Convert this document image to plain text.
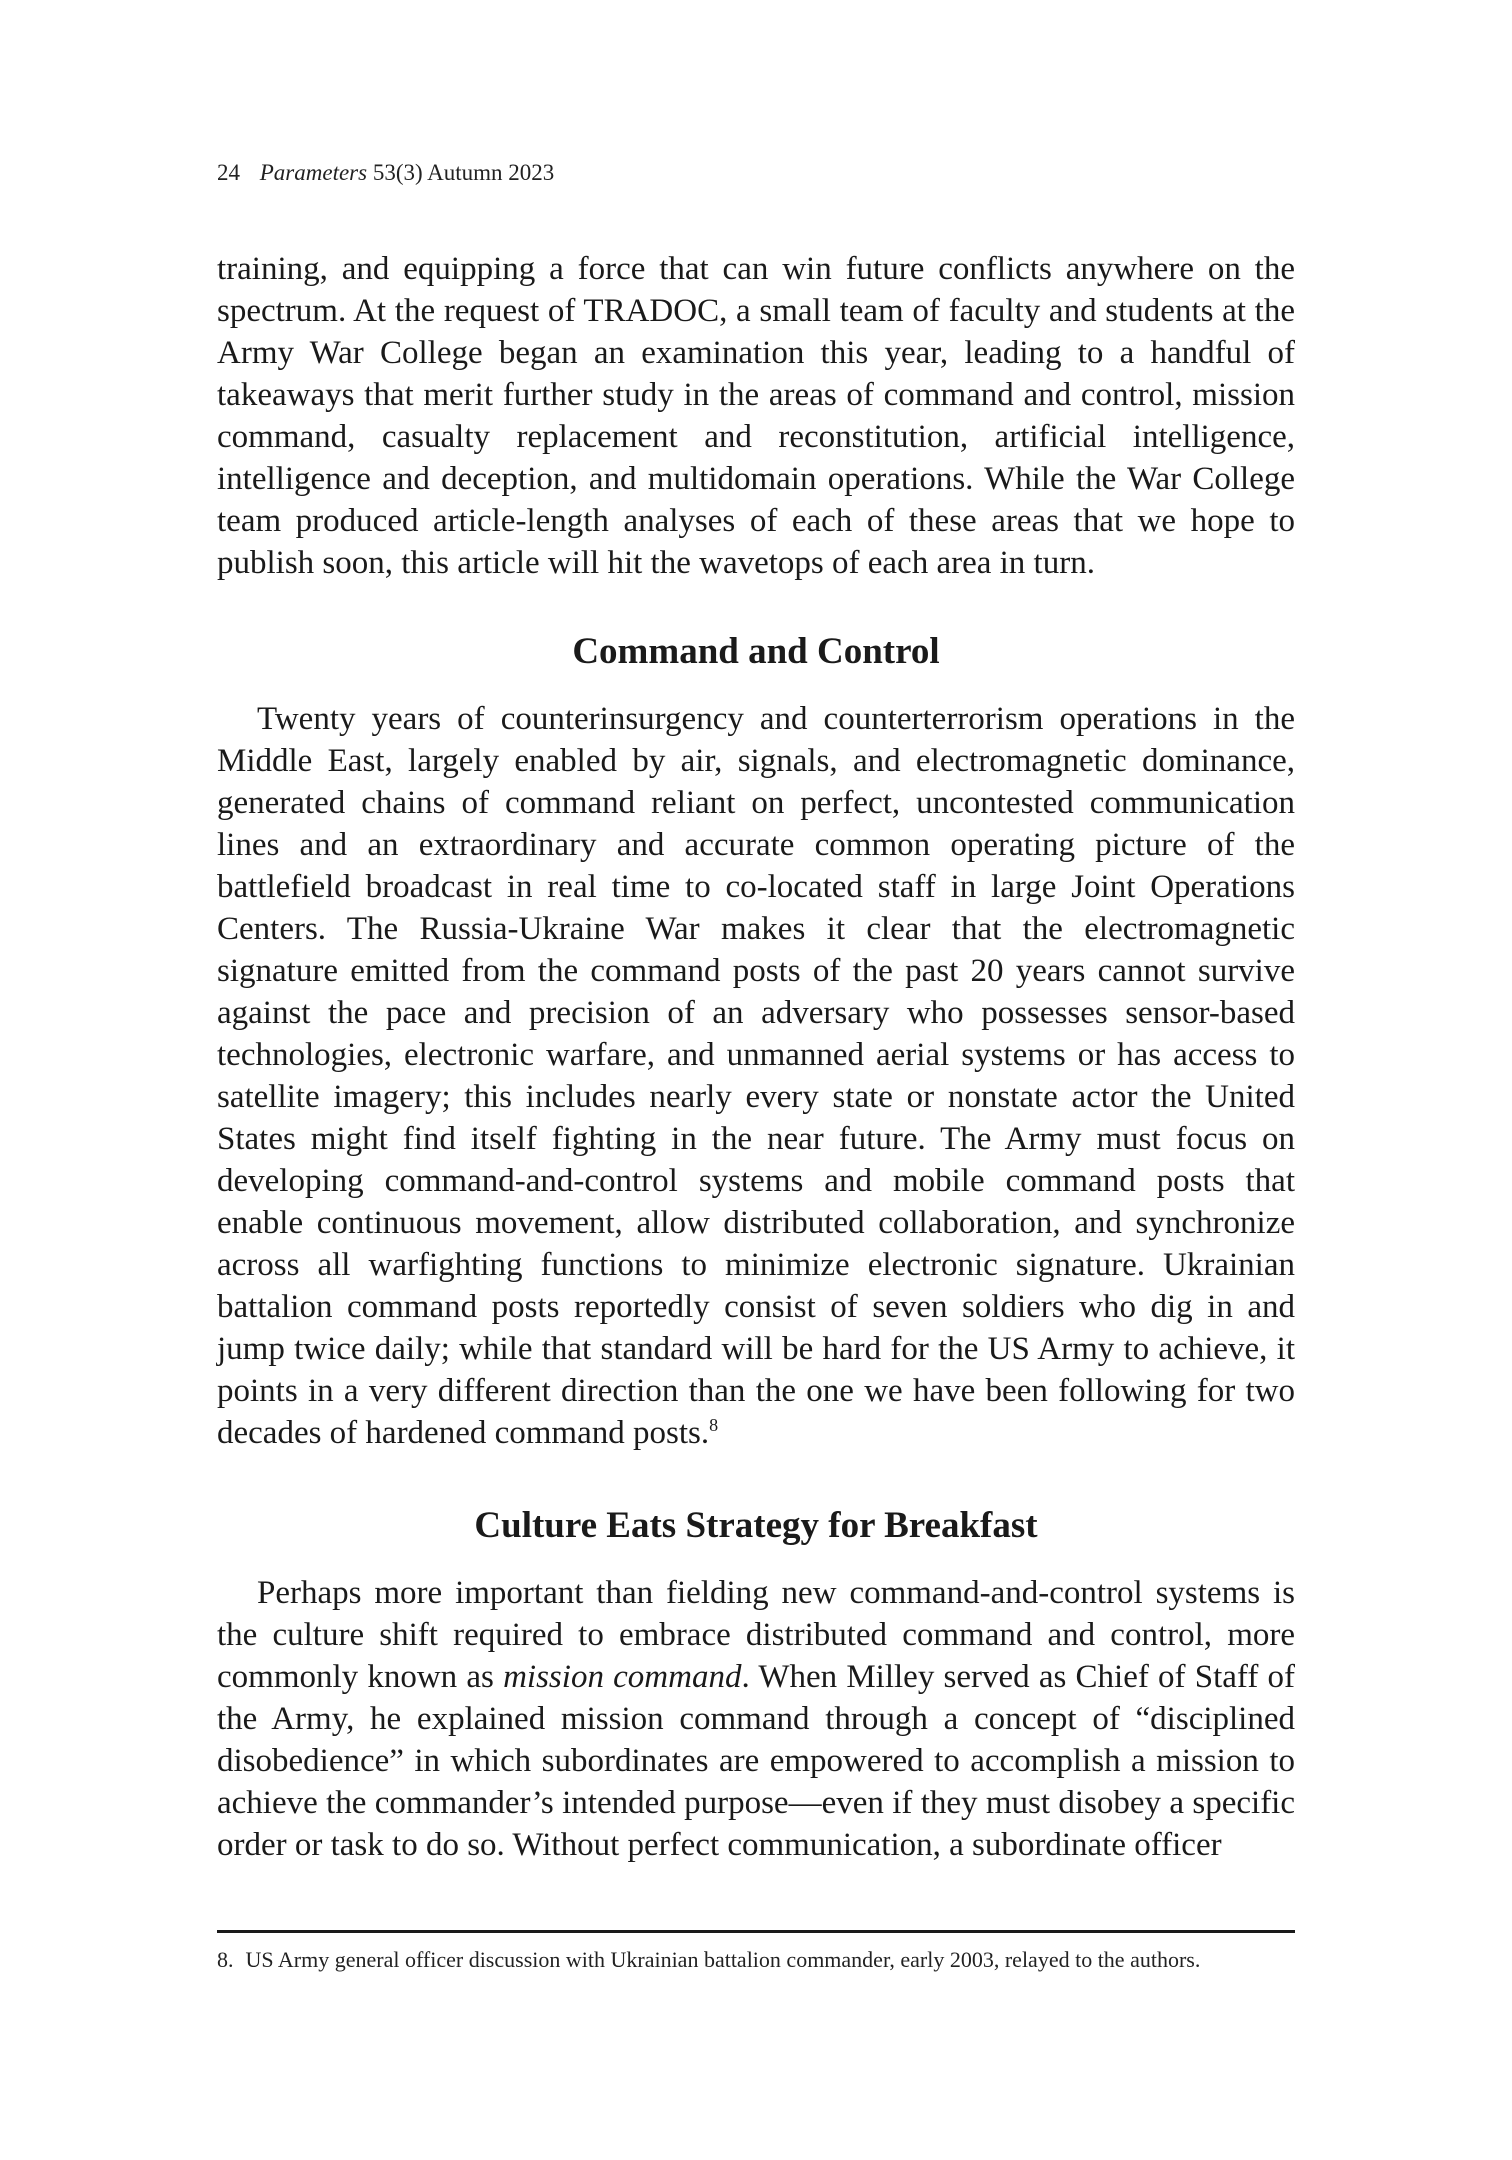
24 Parameters 53(3) Autumn 2023

training, and equipping a force that can win future conflicts anywhere on the spectrum. At the request of TRADOC, a small team of faculty and students at the Army War College began an examination this year, leading to a handful of takeaways that merit further study in the areas of command and control, mission command, casualty replacement and reconstitution, artificial intelligence, intelligence and deception, and multidomain operations. While the War College team produced article-length analyses of each of these areas that we hope to publish soon, this article will hit the wavetops of each area in turn.

Command and Control

Twenty years of counterinsurgency and counterterrorism operations in the Middle East, largely enabled by air, signals, and electromagnetic dominance, generated chains of command reliant on perfect, uncontested communication lines and an extraordinary and accurate common operating picture of the battlefield broadcast in real time to co-located staff in large Joint Operations Centers. The Russia-Ukraine War makes it clear that the electromagnetic signature emitted from the command posts of the past 20 years cannot survive against the pace and precision of an adversary who possesses sensor-based technologies, electronic warfare, and unmanned aerial systems or has access to satellite imagery; this includes nearly every state or nonstate actor the United States might find itself fighting in the near future. The Army must focus on developing command-and-control systems and mobile command posts that enable continuous movement, allow distributed collaboration, and synchronize across all warfighting functions to minimize electronic signature. Ukrainian battalion command posts reportedly consist of seven soldiers who dig in and jump twice daily; while that standard will be hard for the US Army to achieve, it points in a very different direction than the one we have been following for two decades of hardened command posts.$^8$

Culture Eats Strategy for Breakfast

Perhaps more important than fielding new command-and-control systems is the culture shift required to embrace distributed command and control, more commonly known as mission command. When Milley served as Chief of Staff of the Army, he explained mission command through a concept of “disciplined disobedience” in which subordinates are empowered to accomplish a mission to achieve the commander’s intended purpose—even if they must disobey a specific order or task to do so. Without perfect communication, a subordinate officer

8. US Army general officer discussion with Ukrainian battalion commander, early 2003, relayed to the authors.
